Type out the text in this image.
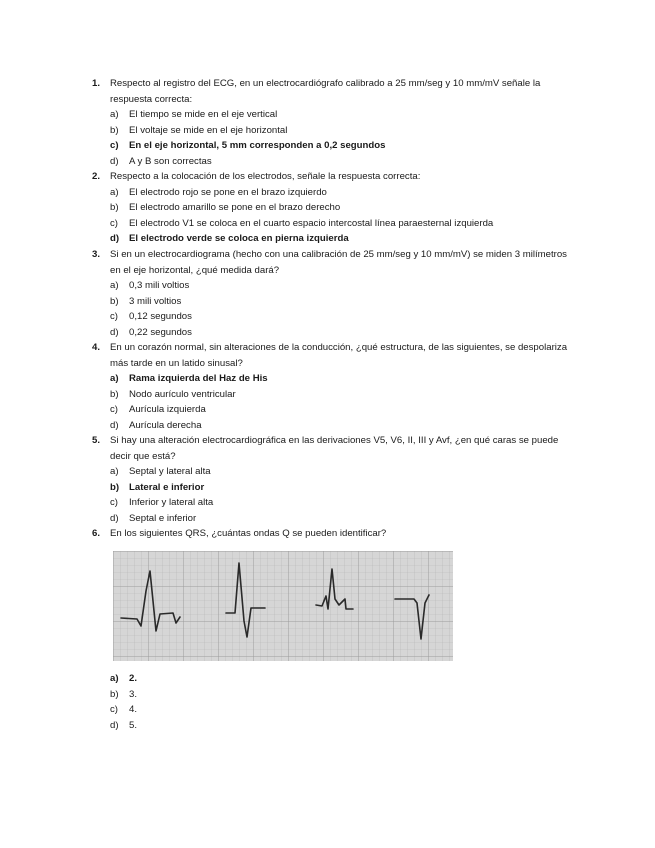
1.	Respecto al registro del ECG, en un electrocardiógrafo calibrado a 25 mm/seg y 10 mm/mV señale la respuesta correcta:
a)	El tiempo se mide en el eje vertical
b)	El voltaje se mide en el eje horizontal
c)	En el eje horizontal, 5 mm corresponden a 0,2 segundos
d)	A y B son correctas
2.	Respecto a la colocación de los electrodos, señale la respuesta correcta:
a)	El electrodo rojo se pone en el brazo izquierdo
b)	El electrodo amarillo se pone en el brazo derecho
c)	El electrodo V1 se coloca en el cuarto espacio intercostal línea paraesternal izquierda
d)	El electrodo verde se coloca en pierna izquierda
3.	Si en un electrocardiograma (hecho con una calibración de 25 mm/seg y 10 mm/mV) se miden 3 milímetros en el eje horizontal, ¿qué medida dará?
a)	0,3 mili voltios
b)	3 mili voltios
c)	0,12 segundos
d)	0,22 segundos
4.	En un corazón normal, sin alteraciones de la conducción, ¿qué estructura, de las siguientes, se despolariza más tarde en un latido sinusal?
a)	Rama izquierda del Haz de His
b)	Nodo aurículo ventricular
c)	Aurícula izquierda
d)	Aurícula derecha
5.	Si hay una alteración electrocardiográfica en las derivaciones V5, V6, II, III y Avf, ¿en qué caras se puede decir que está?
a)	Septal y lateral alta
b)	Lateral e inferior
c)	Inferior y lateral alta
d)	Septal e inferior
6.	En los siguientes QRS, ¿cuántas ondas Q se pueden identificar?
a)	2.
b)	3.
c)	4.
d)	5.
